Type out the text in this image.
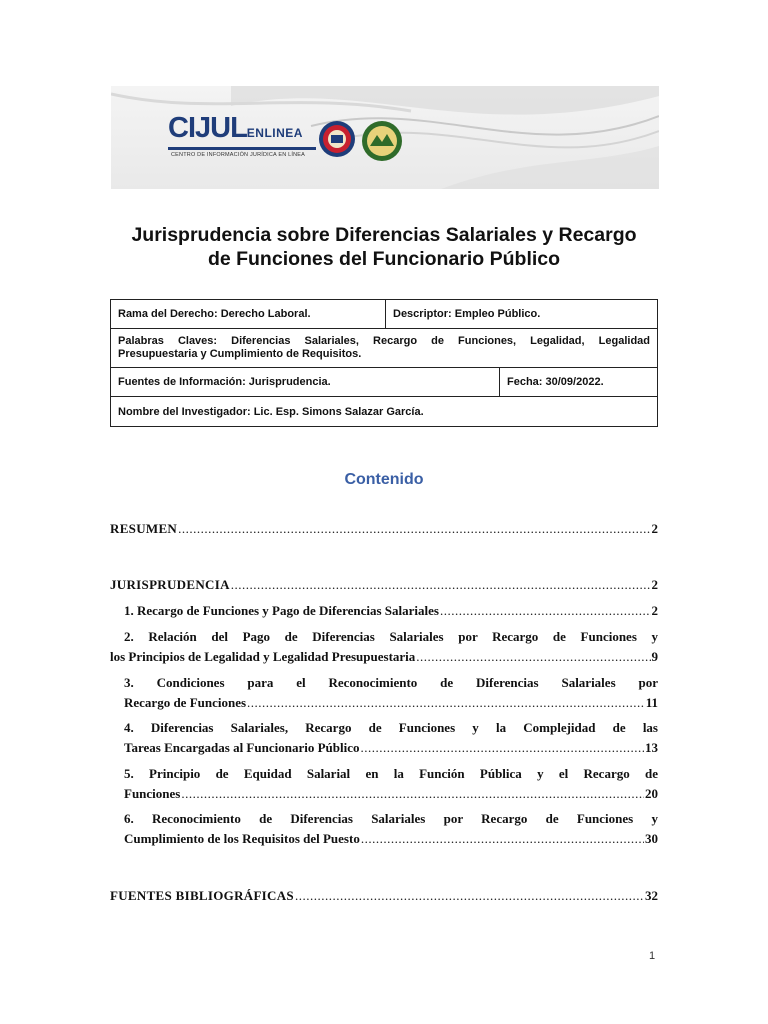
CIJULENLINEA
CENTRO DE INFORMACIÓN JURÍDICA EN LÍNEA
Jurisprudencia sobre Diferencias Salariales y Recargo
de Funciones del Funcionario Público
Rama del Derecho: Derecho Laboral.	Descriptor: Empleo Público.	

Palabras Claves: Diferencias Salariales, Recargo de Funciones, Legalidad, Legalidad
Presupuestaria y Cumplimiento de Requisitos.		

Fuentes de Información: Jurisprudencia.		Fecha: 30/09/2022.
Nombre del Investigador: Lic. Esp. Simons Salazar García.		
Contenido
RESUMEN .....	2
JURISPRUDENCIA .....	2
1. Recargo de Funciones y Pago de Diferencias Salariales .....	2
2. Relación del Pago de Diferencias Salariales por Recargo de Funciones y
los Principios de Legalidad y Legalidad Presupuestaria .....	9
3. Condiciones para el Reconocimiento de Diferencias Salariales por
Recargo de Funciones .....	11
4. Diferencias Salariales, Recargo de Funciones y la Complejidad de las
Tareas Encargadas al Funcionario Público .....	13
5. Principio de Equidad Salarial en la Función Pública y el Recargo de
Funciones .....	20
6. Reconocimiento de Diferencias Salariales por Recargo de Funciones y
Cumplimiento de los Requisitos del Puesto .....	30
FUENTES BIBLIOGRÁFICAS .....	32
1
